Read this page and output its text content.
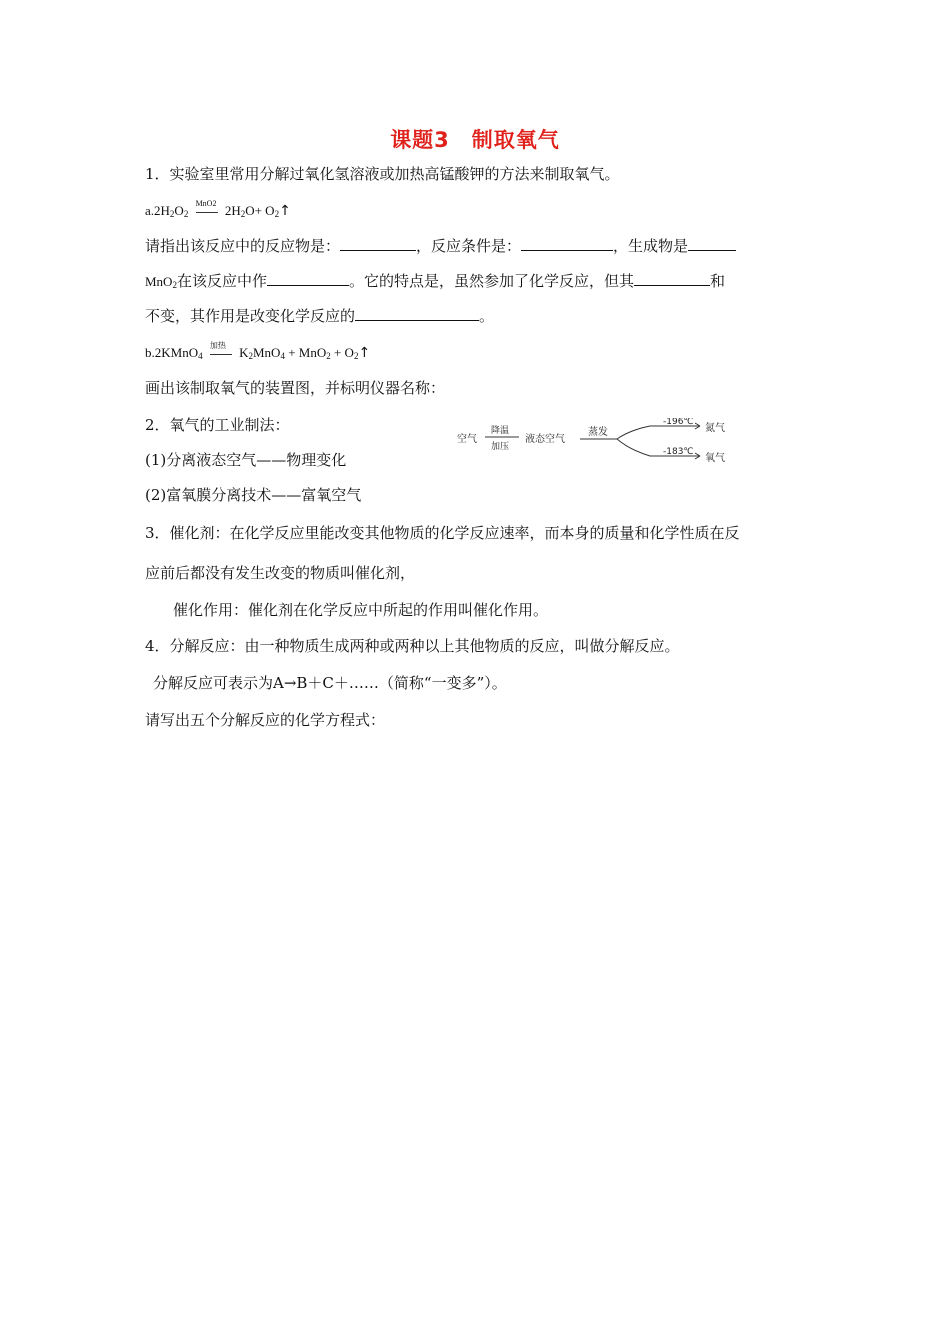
课题3　制取氧气
1．实验室里常用分解过氧化氢溶液或加热高锰酸钾的方法来制取氧气。
$a.2H_2O_2$
MnO2 $2H_2O+$ $O_2↑$
请指出该反应中的反应物是：	，反应条件是：	，生成物是
MnO$_2$在该反应中作	。它的特点是，虽然参加了化学反应，但其	和
不变，其作用是改变化学反应的	。
b.2KMnO$_4$
加热 $K_2MnO_4 + MnO_2$ + $O_2↑$
画出该制取氧气的装置图，并标明仪器名称：
2．氧气的工业制法：
(1)分离液态空气——物理变化
(2)富氧膜分离技术——富氧空气
空气
降温
加压
液态空气
蒸发
-196℃
-183℃
氮气
氧气
3．催化剂：在化学反应里能改变其他物质的化学反应速率，而本身的质量和化学性质在反
应前后都没有发生改变的物质叫催化剂，
催化作用：催化剂在化学反应中所起的作用叫催化作用。
4．分解反应：由一种物质生成两种或两种以上其他物质的反应，叫做分解反应。
分解反应可表示为A→B＋C＋……（简称“一变多”）。
请写出五个分解反应的化学方程式：
